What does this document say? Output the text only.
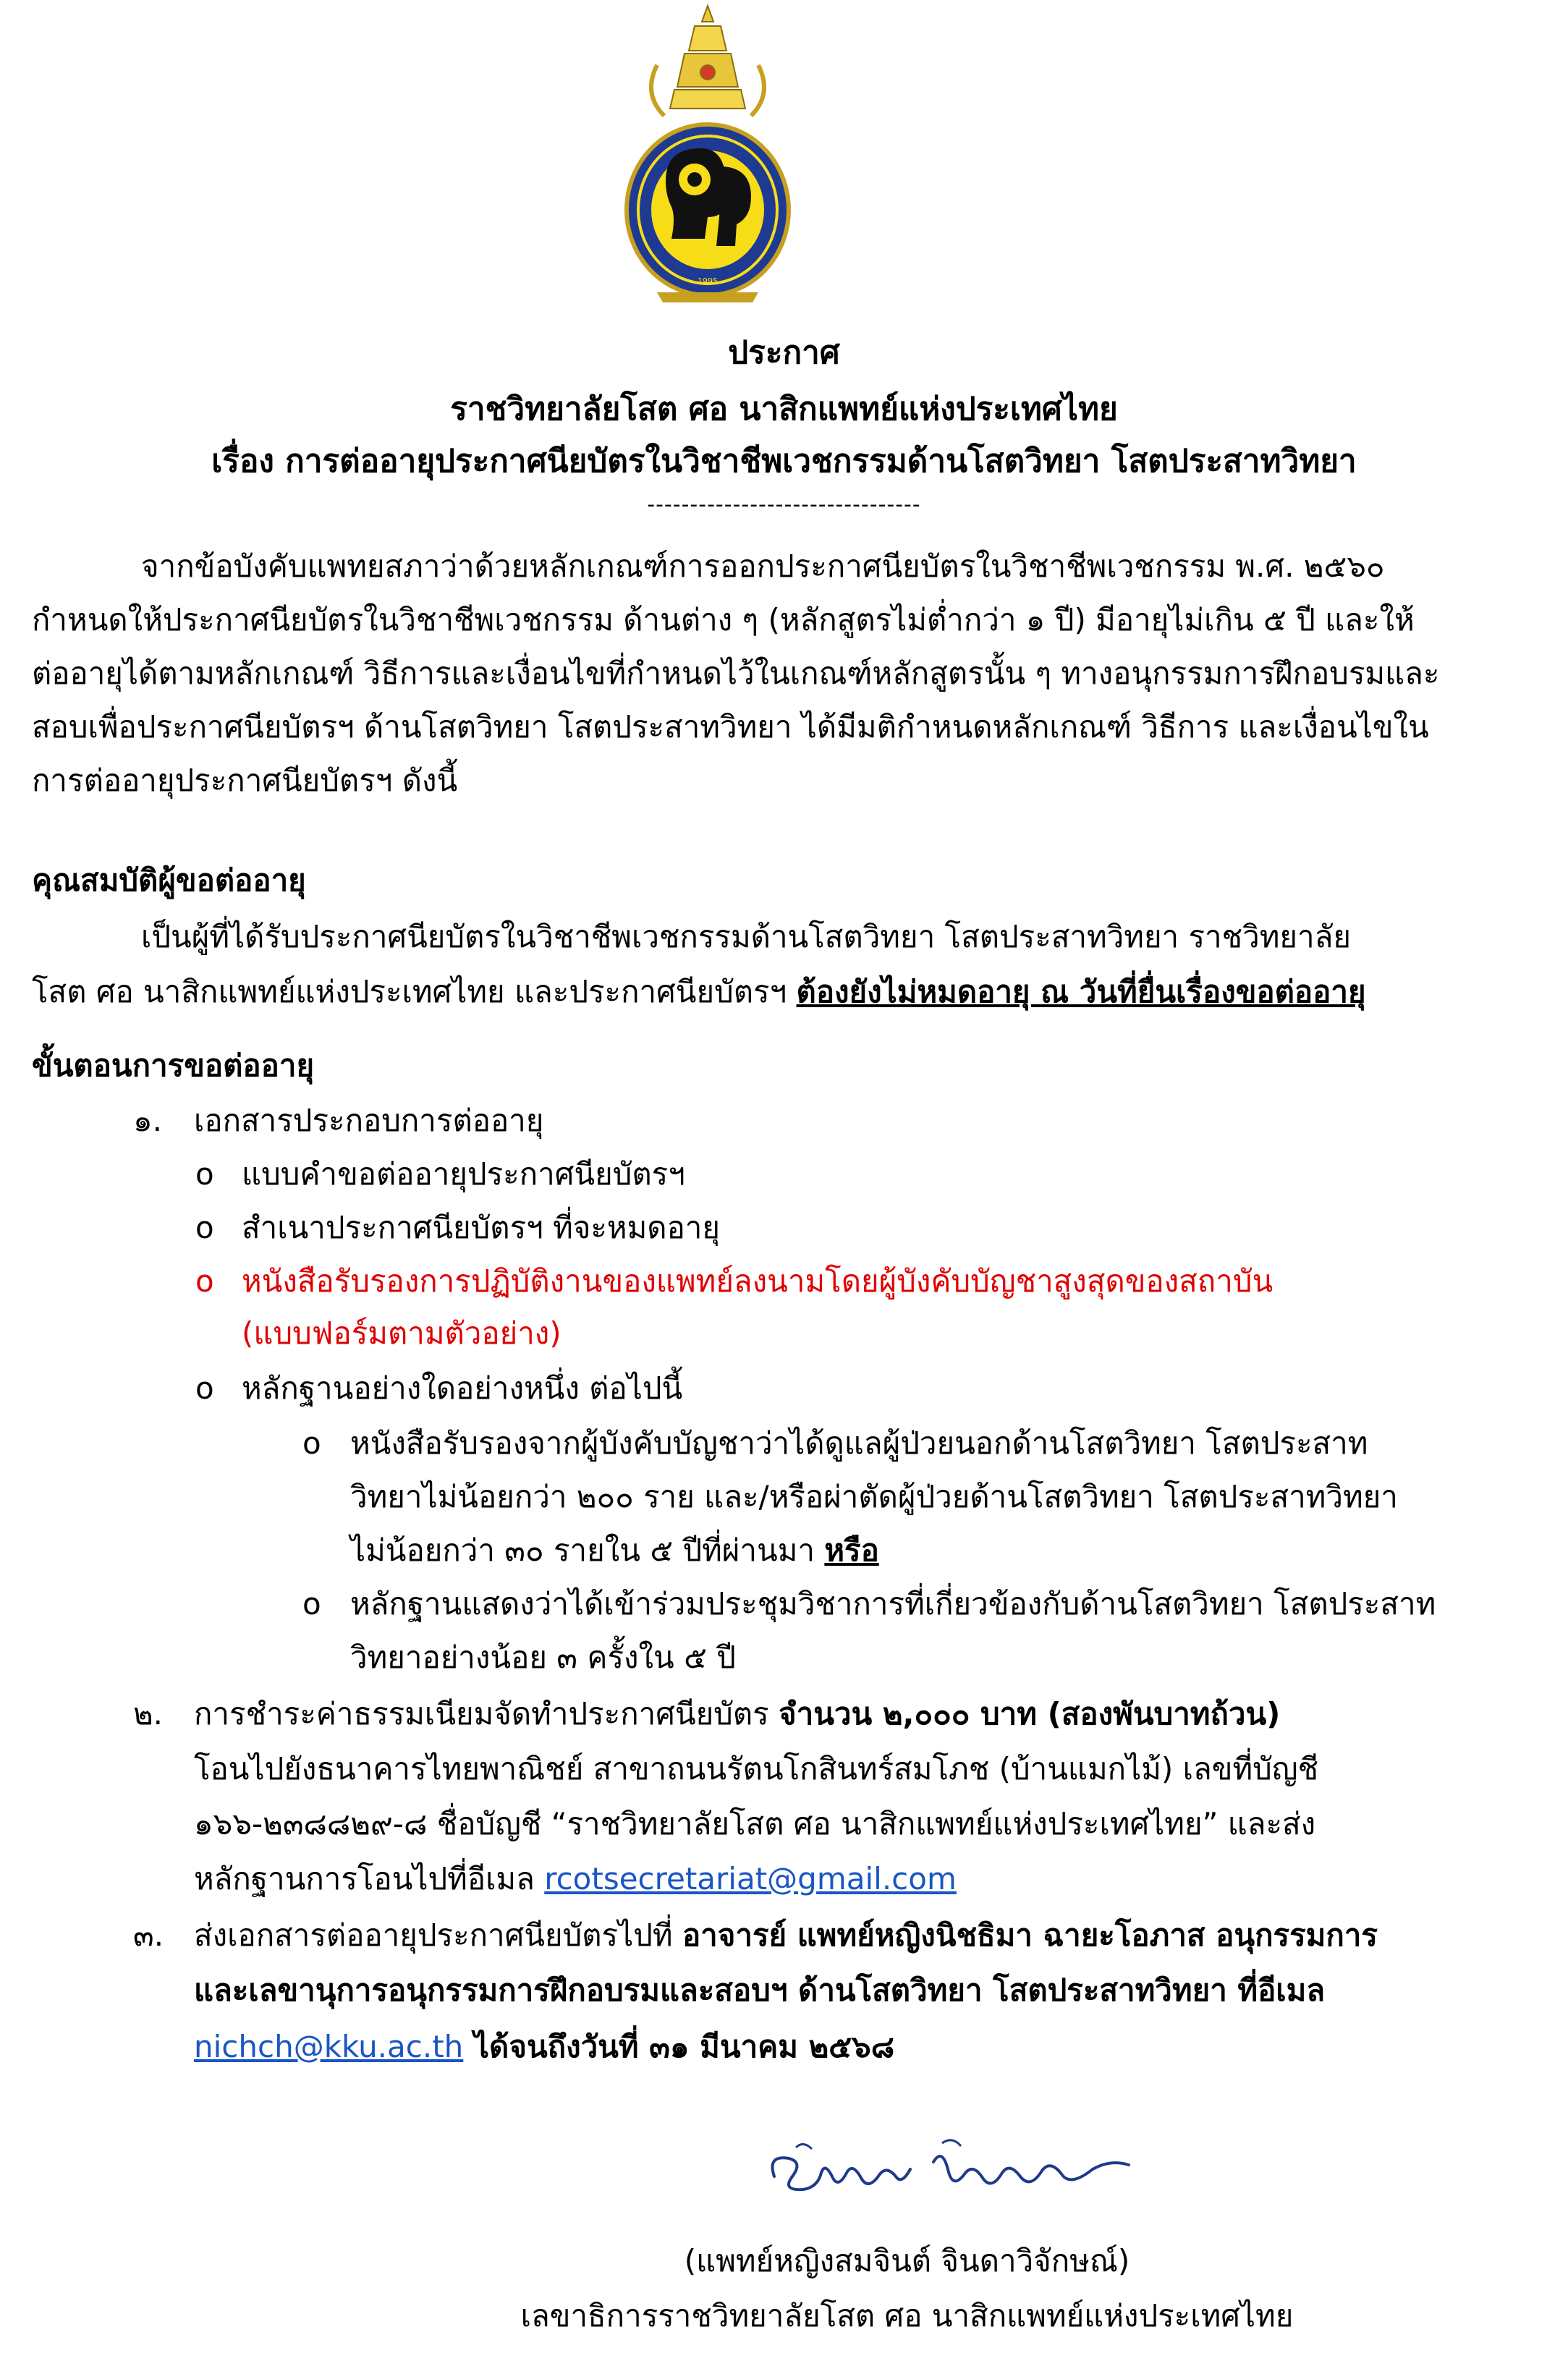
1995
ประกาศ
ราชวิทยาลัยโสต ศอ นาสิกแพทย์แห่งประเทศไทย
เรื่อง การต่ออายุประกาศนียบัตรในวิชาชีพเวชกรรมด้านโสตวิทยา โสตประสาทวิทยา
--------------------------------
จากข้อบังคับแพทยสภาว่าด้วยหลักเกณฑ์การออกประกาศนียบัตรในวิชาชีพเวชกรรม พ.ศ. ๒๕๖๐
กำหนดให้ประกาศนียบัตรในวิชาชีพเวชกรรม ด้านต่าง ๆ (หลักสูตรไม่ต่ำกว่า ๑ ปี) มีอายุไม่เกิน ๕ ปี และให้
ต่ออายุได้ตามหลักเกณฑ์ วิธีการและเงื่อนไขที่กำหนดไว้ในเกณฑ์หลักสูตรนั้น ๆ ทางอนุกรรมการฝึกอบรมและ
สอบเพื่อประกาศนียบัตรฯ ด้านโสตวิทยา โสตประสาทวิทยา ได้มีมติกำหนดหลักเกณฑ์ วิธีการ และเงื่อนไขใน
การต่ออายุประกาศนียบัตรฯ ดังนี้
คุณสมบัติผู้ขอต่ออายุ
เป็นผู้ที่ได้รับประกาศนียบัตรในวิชาชีพเวชกรรมด้านโสตวิทยา โสตประสาทวิทยา ราชวิทยาลัย
โสต ศอ นาสิกแพทย์แห่งประเทศไทย และประกาศนียบัตรฯ ต้องยังไม่หมดอายุ ณ วันที่ยื่นเรื่องขอต่ออายุ
ขั้นตอนการขอต่ออายุ
๑. เอกสารประกอบการต่ออายุ
o แบบคำขอต่ออายุประกาศนียบัตรฯ
o สำเนาประกาศนียบัตรฯ ที่จะหมดอายุ
o หนังสือรับรองการปฏิบัติงานของแพทย์ลงนามโดยผู้บังคับบัญชาสูงสุดของสถาบัน
(แบบฟอร์มตามตัวอย่าง)
o หลักฐานอย่างใดอย่างหนึ่ง ต่อไปนี้
o หนังสือรับรองจากผู้บังคับบัญชาว่าได้ดูแลผู้ป่วยนอกด้านโสตวิทยา โสตประสาท
วิทยาไม่น้อยกว่า ๒๐๐ ราย และ/หรือผ่าตัดผู้ป่วยด้านโสตวิทยา โสตประสาทวิทยา
ไม่น้อยกว่า ๓๐ รายใน ๕ ปีที่ผ่านมา หรือ
o หลักฐานแสดงว่าได้เข้าร่วมประชุมวิชาการที่เกี่ยวข้องกับด้านโสตวิทยา โสตประสาท
วิทยาอย่างน้อย ๓ ครั้งใน ๕ ปี
๒. การชำระค่าธรรมเนียมจัดทำประกาศนียบัตร จำนวน ๒,๐๐๐ บาท (สองพันบาทถ้วน)
โอนไปยังธนาคารไทยพาณิชย์ สาขาถนนรัตนโกสินทร์สมโภช (บ้านแมกไม้) เลขที่บัญชี
๑๖๖-๒๓๘๘๒๙-๘ ชื่อบัญชี “ราชวิทยาลัยโสต ศอ นาสิกแพทย์แห่งประเทศไทย” และส่ง
หลักฐานการโอนไปที่อีเมล rcotsecretariat@gmail.com
๓. ส่งเอกสารต่ออายุประกาศนียบัตรไปที่ อาจารย์ แพทย์หญิงนิชธิมา ฉายะโอภาส อนุกรรมการ
และเลขานุการอนุกรรมการฝึกอบรมและสอบฯ ด้านโสตวิทยา โสตประสาทวิทยา ที่อีเมล
nichch@kku.ac.th ได้จนถึงวันที่ ๓๑ มีนาคม ๒๕๖๘
(แพทย์หญิงสมจินต์ จินดาวิจักษณ์)
เลขาธิการราชวิทยาลัยโสต ศอ นาสิกแพทย์แห่งประเทศไทย
